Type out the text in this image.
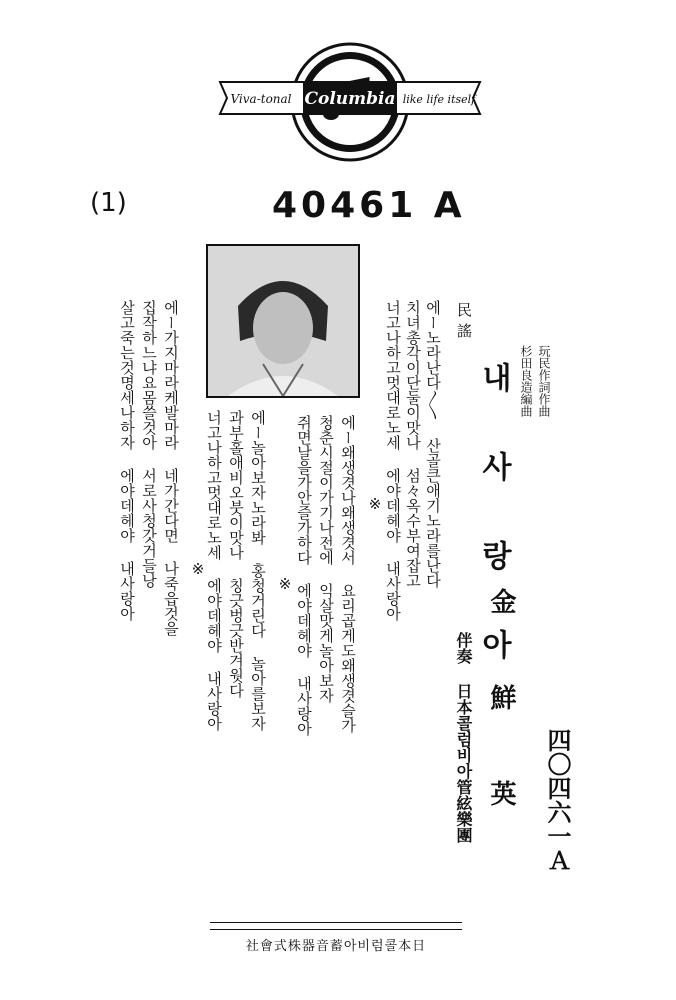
Columbia
Viva-tonal	like life itself
(1)	40461 A
四〇四六一Ａ
金 鮮 英
伴奏 日本콜럼비아管絃樂團
玩民作詞作曲
杉田良造編曲
내 사 랑 아
民謠
에ー노라난다〳〵 산골큰애기노라를난다
치녀총각이단둘이맛나 섬々옥수부여잡고
너고나하고멋대로노세 에야데헤야 내사랑아
※
에ー왜생겻나왜생겻서 요리곱게도왜생겻슬가
청춘시절이가기나전에 익살맛게놀아보자
쥐면날을가안즐가하다 에야데헤야 내사랑아
※
에ー놀아보자노라봐 홍청거린다 놀아를보자
과부홀애비오붓이맛나 칭긋벙긋반겨웟다
너고나하고멋대로노세 에야데헤야 내사랑아
※
에ー가지마라케발마라 네가간다면 나죽읍것을
집작하느냐요몸쓸것아 서로사청갓거들낭
살고죽는것명세나하자 에야데헤야 내사랑아
社會式株器音蓄아비럼콜本日
